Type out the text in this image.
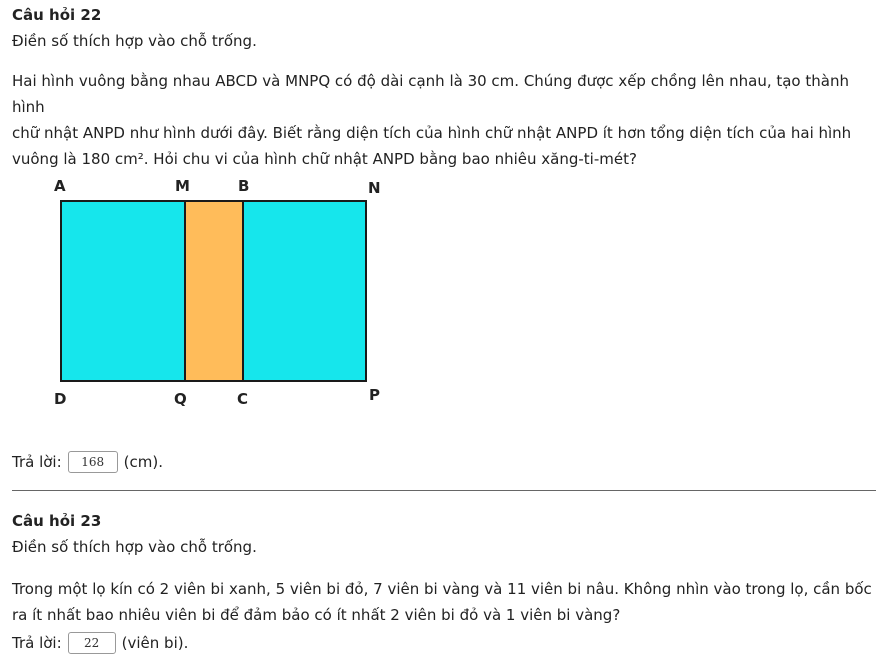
Câu hỏi 22
Điền số thích hợp vào chỗ trống.
Hai hình vuông bằng nhau ABCD và MNPQ có độ dài cạnh là 30 cm. Chúng được xếp chồng lên nhau, tạo thành hình
chữ nhật ANPD như hình dưới đây. Biết rằng diện tích của hình chữ nhật ANPD ít hơn tổng diện tích của hai hình
vuông là 180 cm². Hỏi chu vi của hình chữ nhật ANPD bằng bao nhiêu xăng-ti-mét?
A	M	B	N
D	Q	C	P
Trả lời:	168	(cm).
Câu hỏi 23
Điền số thích hợp vào chỗ trống.
Trong một lọ kín có 2 viên bi xanh, 5 viên bi đỏ, 7 viên bi vàng và 11 viên bi nâu. Không nhìn vào trong lọ, cần bốc
ra ít nhất bao nhiêu viên bi để đảm bảo có ít nhất 2 viên bi đỏ và 1 viên bi vàng?
Trả lời:	22	(viên bi).
